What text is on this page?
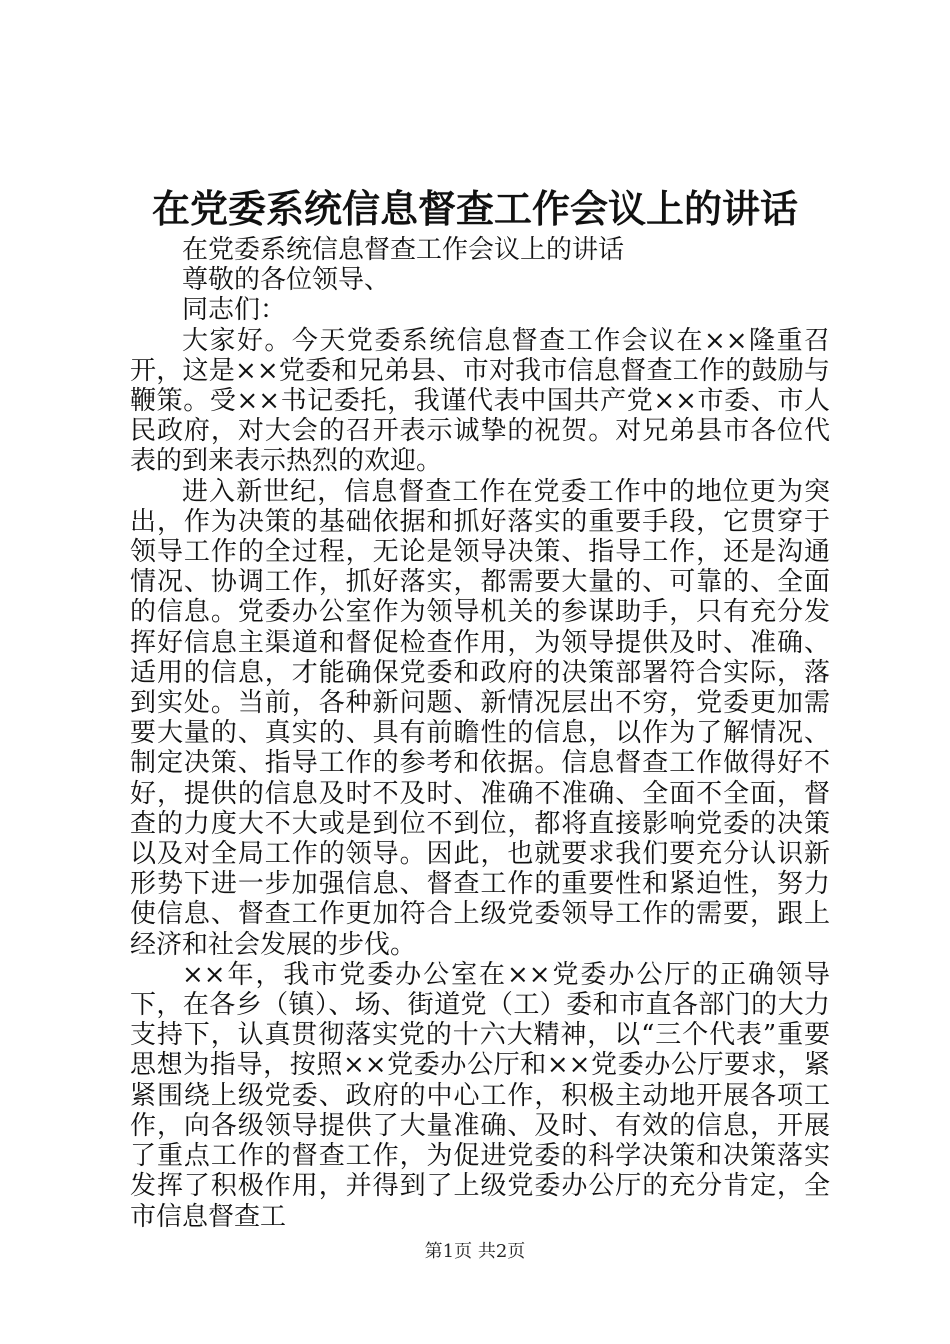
在党委系统信息督查工作会议上的讲话

在党委系统信息督查工作会议上的讲话

尊敬的各位领导、

同志们：

大家好。今天党委系统信息督查工作会议在××隆重召开，这是××党委和兄弟县、市对我市信息督查工作的鼓励与鞭策。受××书记委托，我谨代表中国共产党××市委、市人民政府，对大会的召开表示诚挚的祝贺。对兄弟县市各位代表的到来表示热烈的欢迎。

进入新世纪，信息督查工作在党委工作中的地位更为突出，作为决策的基础依据和抓好落实的重要手段，它贯穿于领导工作的全过程，无论是领导决策、指导工作，还是沟通情况、协调工作，抓好落实，都需要大量的、可靠的、全面的信息。党委办公室作为领导机关的参谋助手，只有充分发挥好信息主渠道和督促检查作用，为领导提供及时、准确、适用的信息，才能确保党委和政府的决策部署符合实际，落到实处。当前，各种新问题、新情况层出不穷，党委更加需要大量的、真实的、具有前瞻性的信息，以作为了解情况、制定决策、指导工作的参考和依据。信息督查工作做得好不好，提供的信息及时不及时、准确不准确、全面不全面，督查的力度大不大或是到位不到位，都将直接影响党委的决策以及对全局工作的领导。因此，也就要求我们要充分认识新形势下进一步加强信息、督查工作的重要性和紧迫性，努力使信息、督查工作更加符合上级党委领导工作的需要，跟上经济和社会发展的步伐。

××年，我市党委办公室在××党委办公厅的正确领导下，在各乡（镇）、场、街道党（工）委和市直各部门的大力支持下，认真贯彻落实党的十六大精神，以“三个代表”重要思想为指导，按照××党委办公厅和××党委办公厅要求，紧紧围绕上级党委、政府的中心工作，积极主动地开展各项工作，向各级领导提供了大量准确、及时、有效的信息，开展了重点工作的督查工作，为促进党委的科学决策和决策落实发挥了积极作用，并得到了上级党委办公厅的充分肯定，全市信息督查工

第1页 共2页
